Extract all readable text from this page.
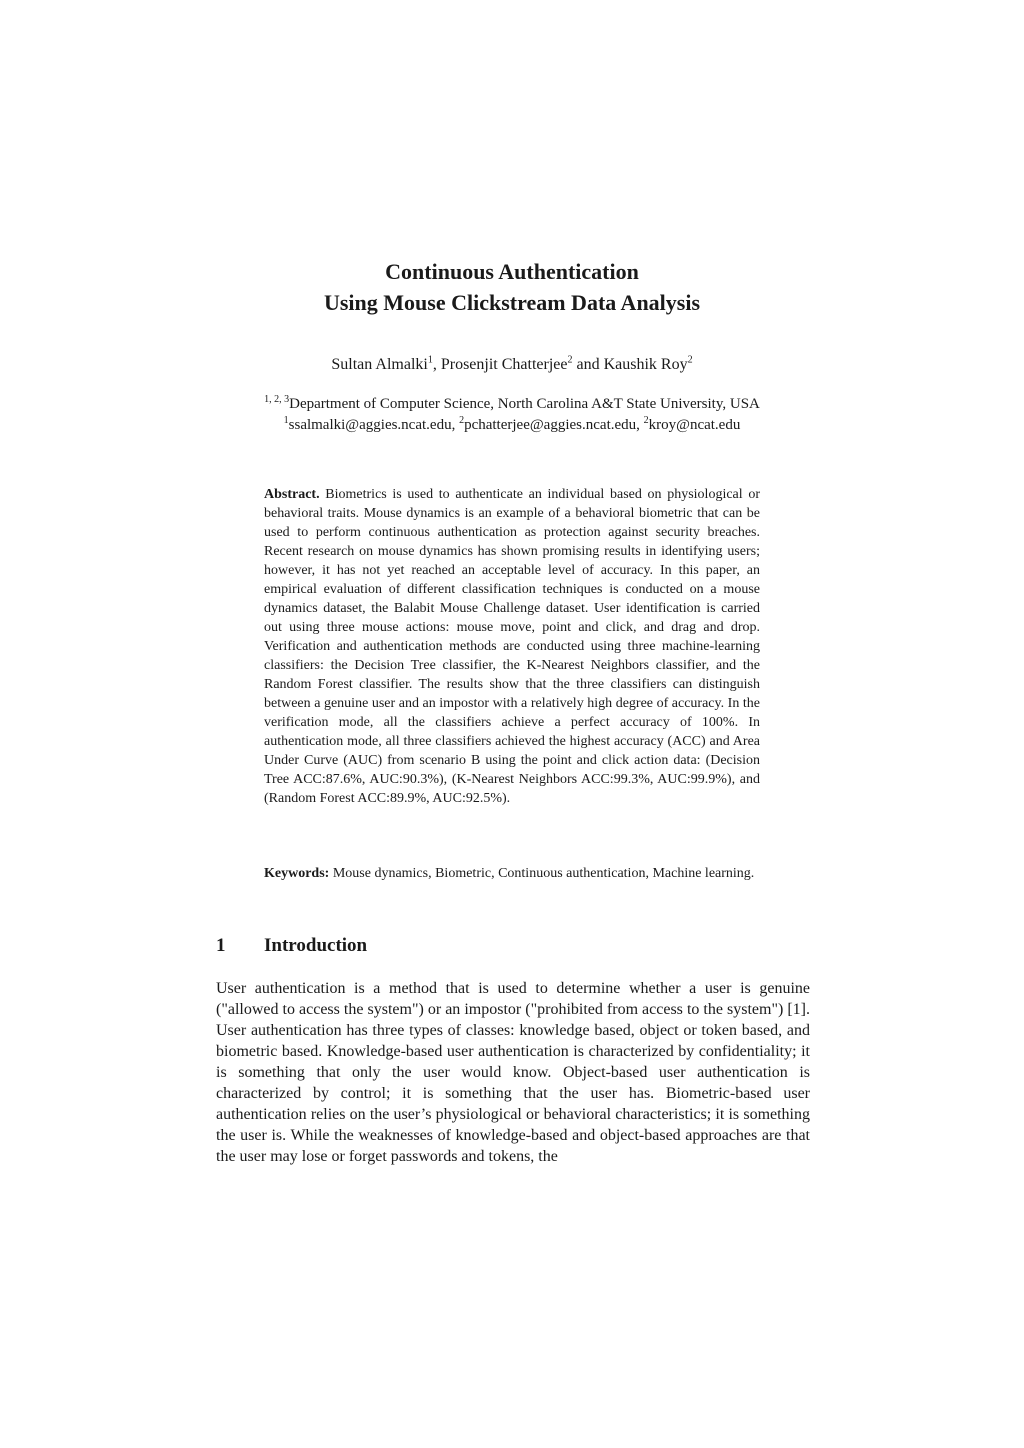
Continuous Authentication

Using Mouse Clickstream Data Analysis

Sultan Almalki$^1$, Prosenjit Chatterjee$^2$ and Kaushik Roy$^2$
$^{1, 2, 3}$Department of Computer Science, North Carolina A&T State University, USA
$^1$ssalmalki@aggies.ncat.edu, $^2$pchatterjee@aggies.ncat.edu, $^2$kroy@ncat.edu
Abstract. Biometrics is used to authenticate an individual based on physiological or behavioral traits. Mouse dynamics is an example of a behavioral biometric that can be used to perform continuous authentication as protection against security breaches. Recent research on mouse dynamics has shown promising results in identifying users; however, it has not yet reached an acceptable level of accuracy. In this paper, an empirical evaluation of different classification techniques is conducted on a mouse dynamics dataset, the Balabit Mouse Challenge dataset. User identification is carried out using three mouse actions: mouse move, point and click, and drag and drop. Verification and authentication methods are conducted using three machine-learning classifiers: the Decision Tree classifier, the K-Nearest Neighbors classifier, and the Random Forest classifier. The results show that the three classifiers can distinguish between a genuine user and an impostor with a relatively high degree of accuracy. In the verification mode, all the classifiers achieve a perfect accuracy of 100%. In authentication mode, all three classifiers achieved the highest accuracy (ACC) and Area Under Curve (AUC) from scenario B using the point and click action data: (Decision Tree ACC:87.6%, AUC:90.3%), (K-Nearest Neighbors ACC:99.3%, AUC:99.9%), and (Random Forest ACC:89.9%, AUC:92.5%).
Keywords: Mouse dynamics, Biometric, Continuous authentication, Machine learning.
1	Introduction
User authentication is a method that is used to determine whether a user is genuine ("allowed to access the system") or an impostor ("prohibited from access to the system") [1]. User authentication has three types of classes: knowledge based, object or token based, and biometric based. Knowledge-based user authentication is characterized by confidentiality; it is something that only the user would know. Object-based user authentication is characterized by control; it is something that the user has. Biometric-based user authentication relies on the user’s physiological or behavioral characteristics; it is something the user is. While the weaknesses of knowledge-based and object-based approaches are that the user may lose or forget passwords and tokens, the
